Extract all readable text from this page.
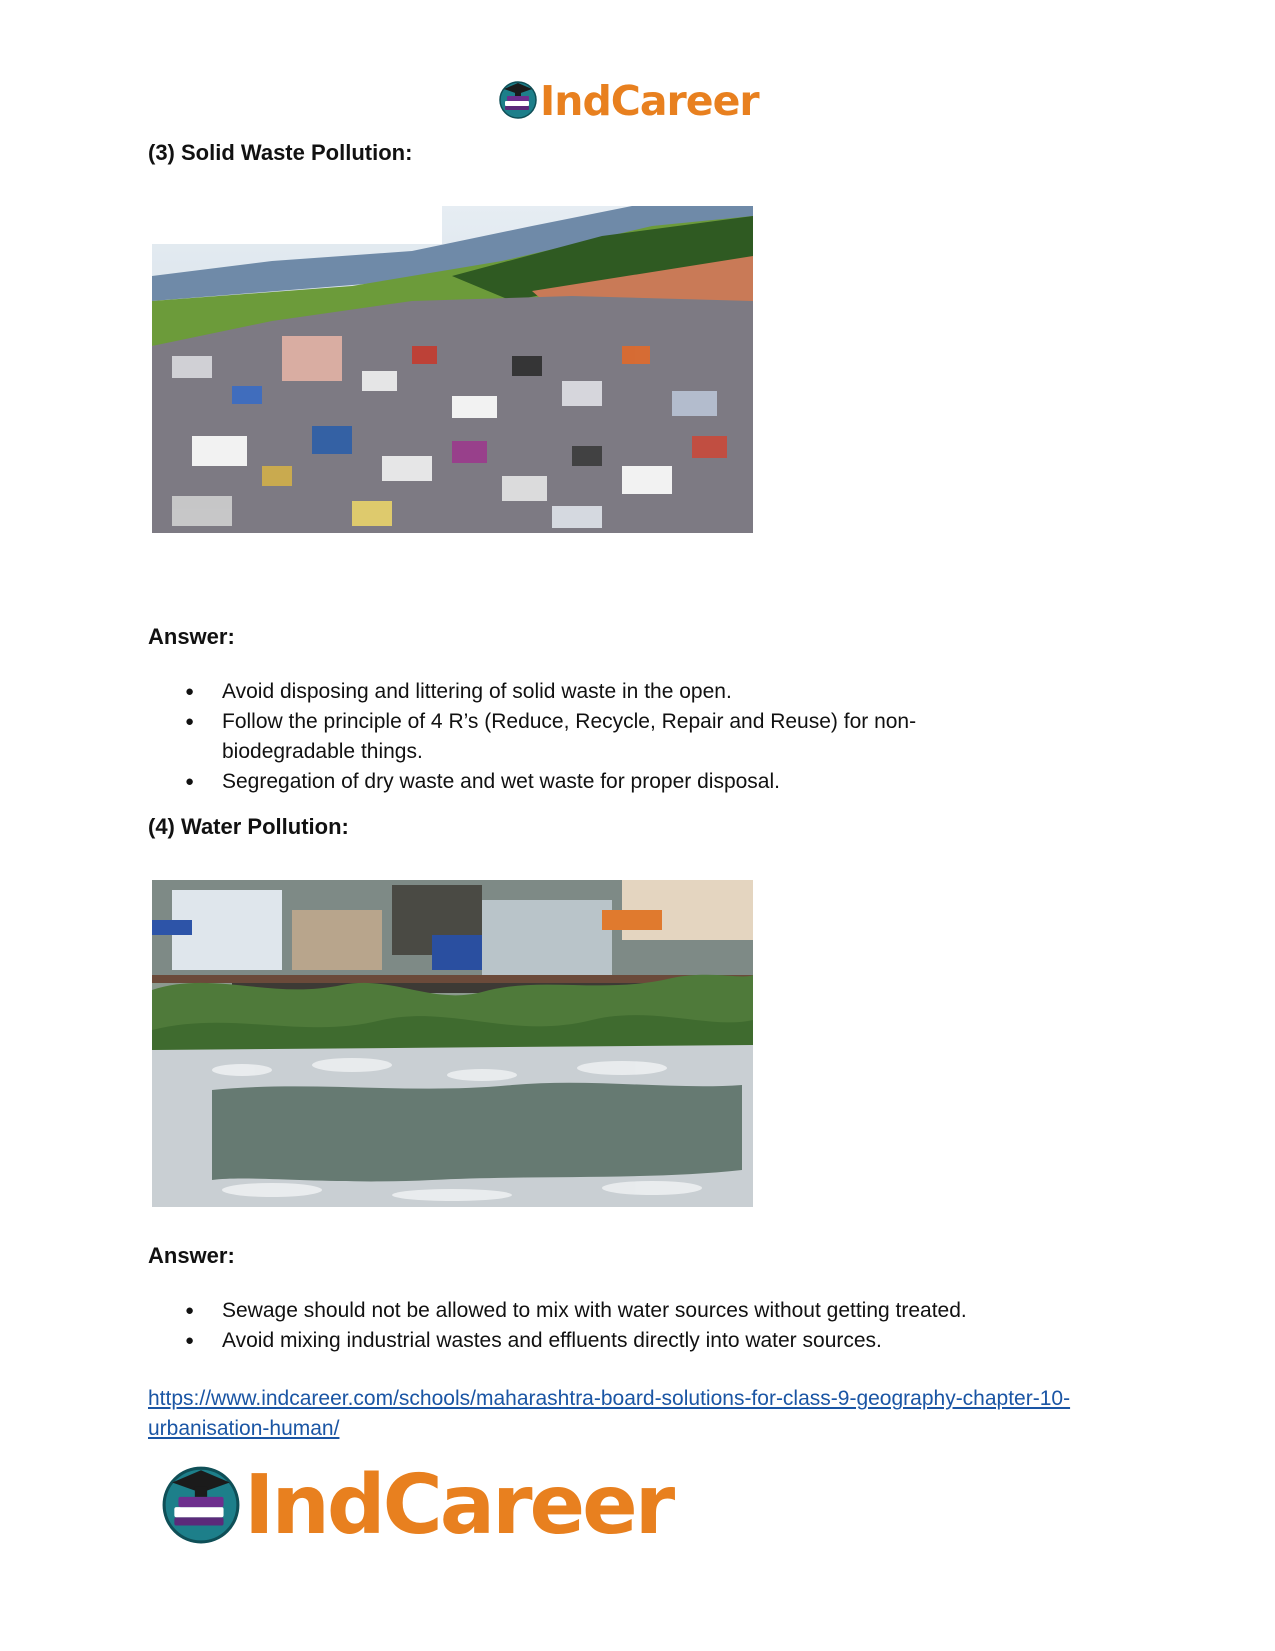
IndCareer
(3) Solid Waste Pollution:
Answer:
● Avoid disposing and littering of solid waste in the open.
● Follow the principle of 4 R’s (Reduce, Recycle, Repair and Reuse) for non-biodegradable things.
● Segregation of dry waste and wet waste for proper disposal.
(4) Water Pollution:
Answer:
● Sewage should not be allowed to mix with water sources without getting treated.
● Avoid mixing industrial wastes and effluents directly into water sources.
https://www.indcareer.com/schools/maharashtra-board-solutions-for-class-9-geography-chapter-10-urbanisation-human/
IndCareer
